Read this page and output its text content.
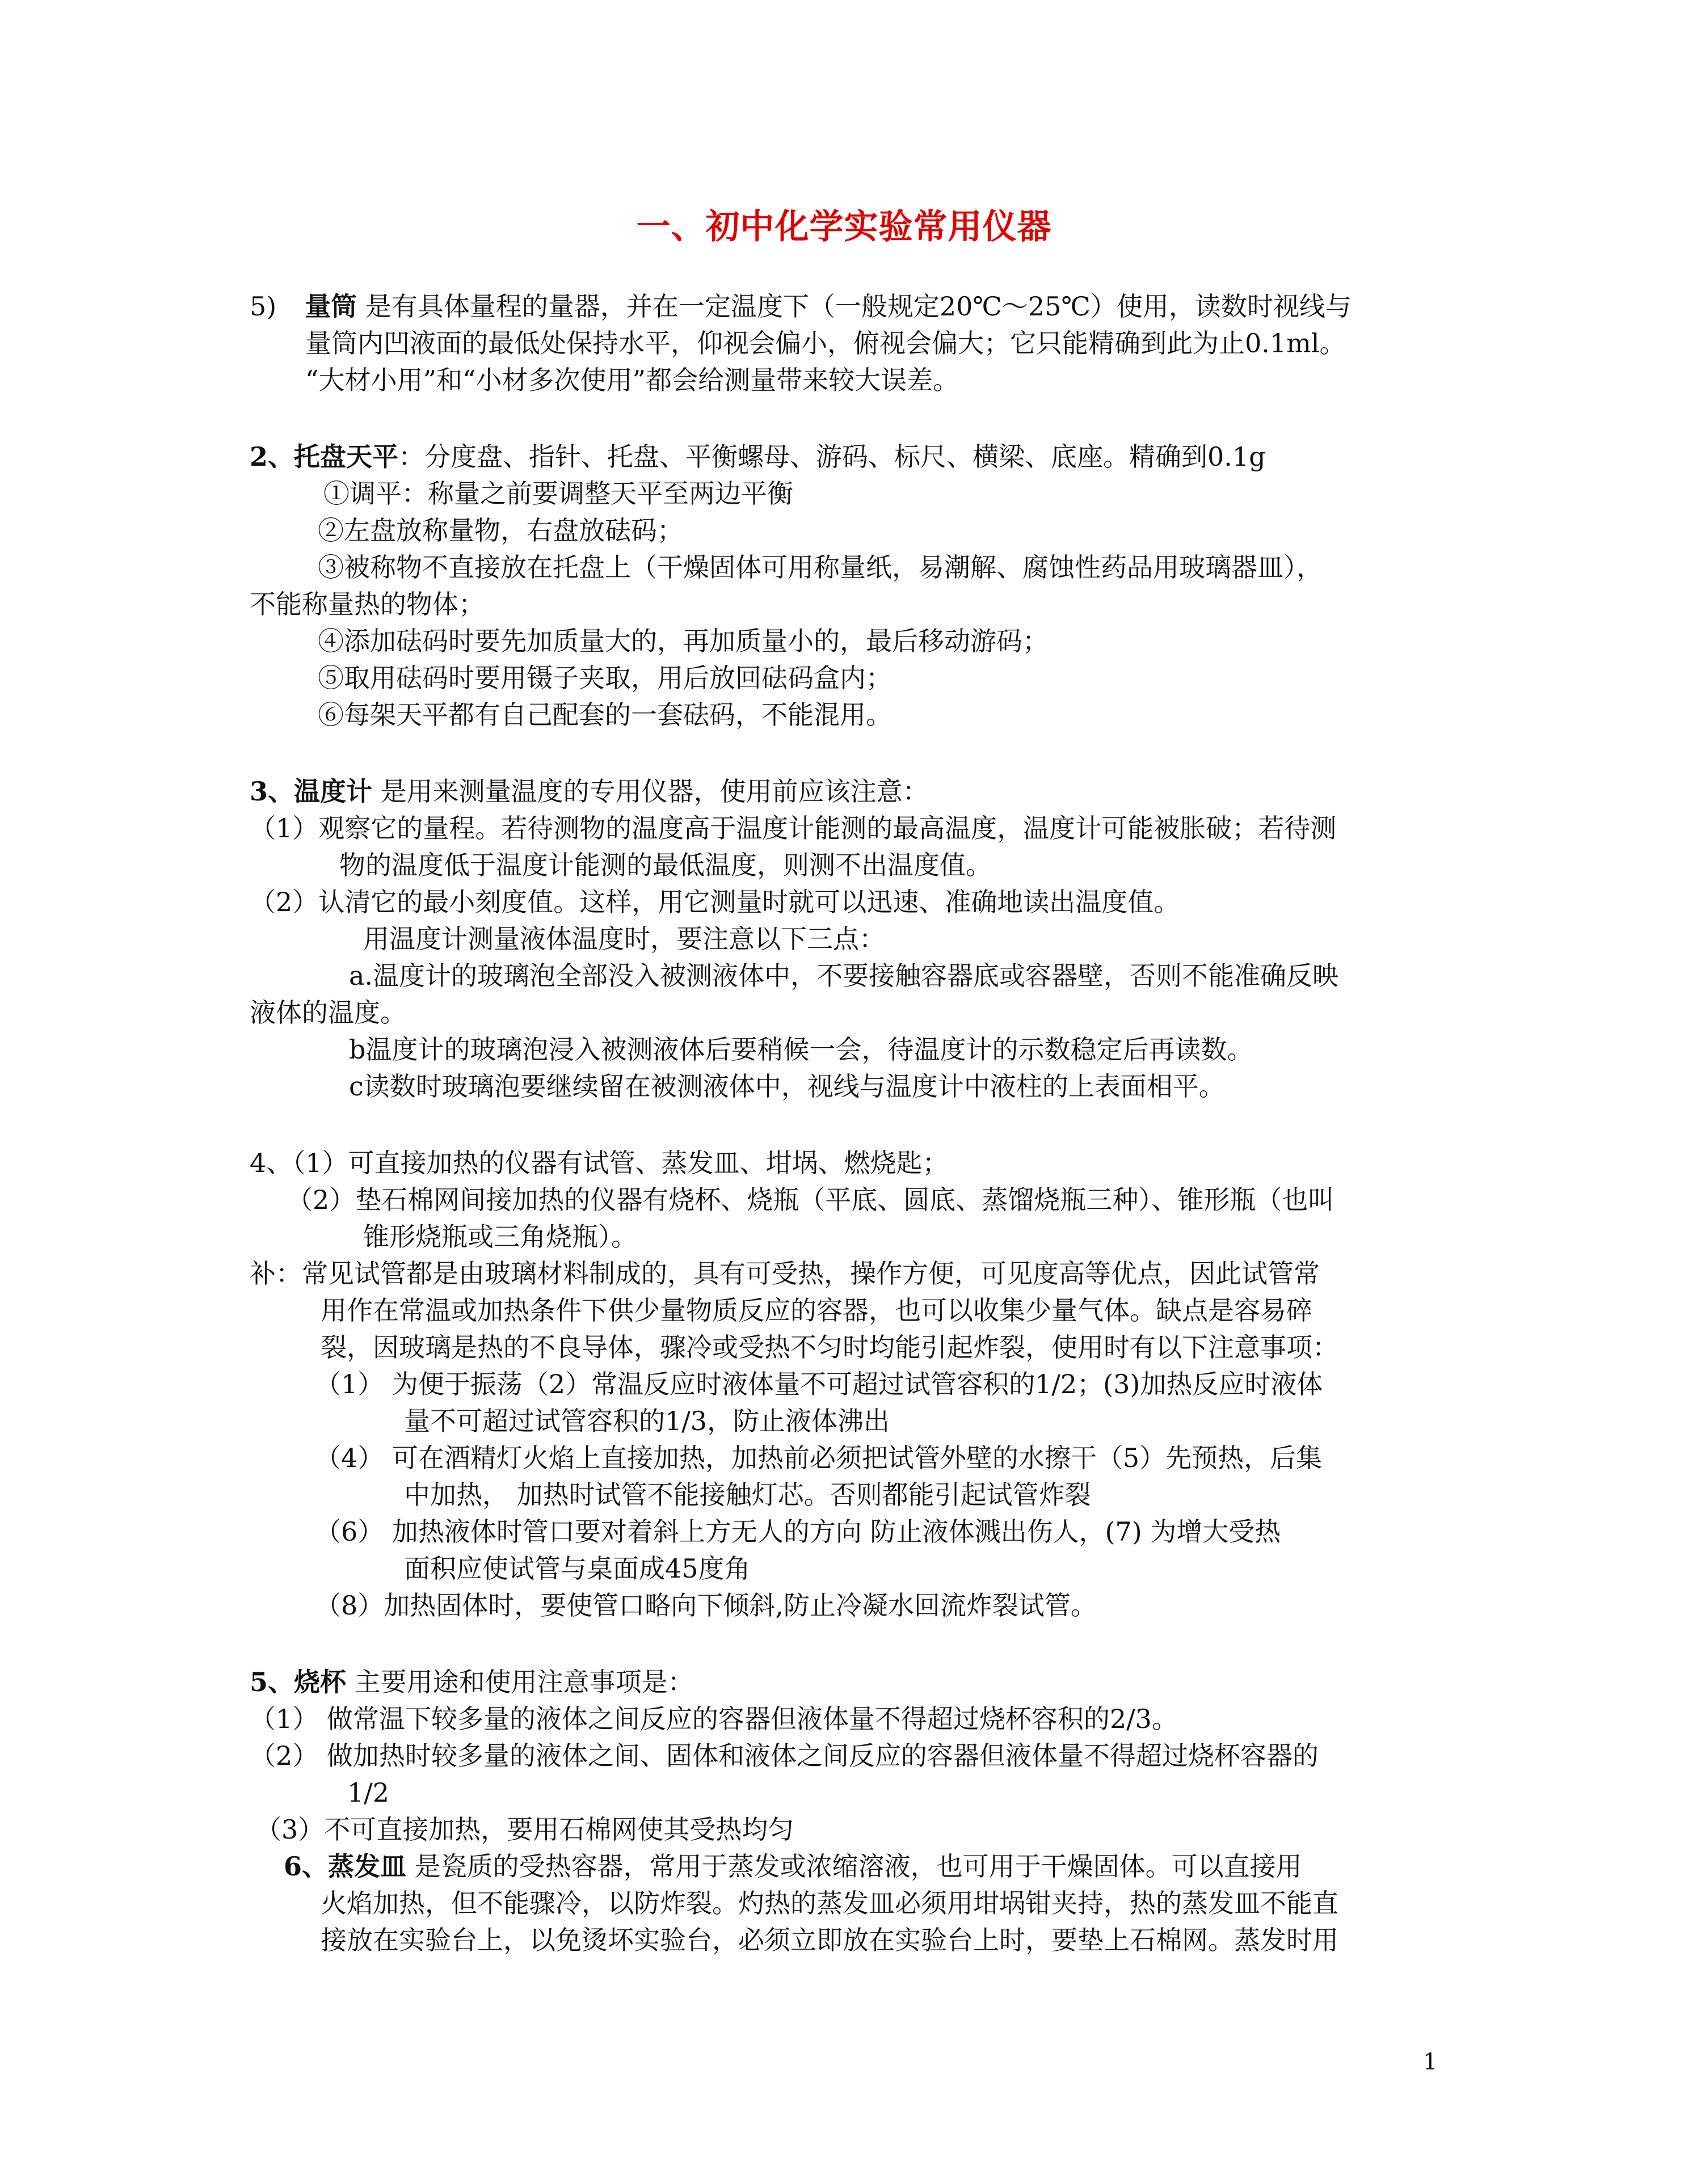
一、初中化学实验常用仪器
5) 量筒 是有具体量程的量器，并在一定温度下（一般规定20℃～25℃）使用，读数时视线与
量筒内凹液面的最低处保持水平，仰视会偏小，俯视会偏大；它只能精确到此为止0.1ml。
“大材小用”和“小材多次使用”都会给测量带来较大误差。
2、托盘天平：分度盘、指针、托盘、平衡螺母、游码、标尺、横梁、底座。精确到0.1g
①调平：称量之前要调整天平至两边平衡
②左盘放称量物，右盘放砝码；
③被称物不直接放在托盘上（干燥固体可用称量纸，易潮解、腐蚀性药品用玻璃器皿），
不能称量热的物体；
④添加砝码时要先加质量大的，再加质量小的，最后移动游码；
⑤取用砝码时要用镊子夹取，用后放回砝码盒内；
⑥每架天平都有自己配套的一套砝码，不能混用。
3、温度计 是用来测量温度的专用仪器，使用前应该注意：
（1）观察它的量程。若待测物的温度高于温度计能测的最高温度，温度计可能被胀破；若待测
物的温度低于温度计能测的最低温度，则测不出温度值。
（2）认清它的最小刻度值。这样，用它测量时就可以迅速、准确地读出温度值。
用温度计测量液体温度时，要注意以下三点：
a.温度计的玻璃泡全部没入被测液体中，不要接触容器底或容器壁，否则不能准确反映
液体的温度。
b温度计的玻璃泡浸入被测液体后要稍候一会，待温度计的示数稳定后再读数。
c读数时玻璃泡要继续留在被测液体中，视线与温度计中液柱的上表面相平。
4、（1）可直接加热的仪器有试管、蒸发皿、坩埚、燃烧匙；
（2）垫石棉网间接加热的仪器有烧杯、烧瓶（平底、圆底、蒸馏烧瓶三种）、锥形瓶（也叫
锥形烧瓶或三角烧瓶）。
补：常见试管都是由玻璃材料制成的，具有可受热，操作方便，可见度高等优点，因此试管常
用作在常温或加热条件下供少量物质反应的容器，也可以收集少量气体。缺点是容易碎
裂，因玻璃是热的不良导体，骤冷或受热不匀时均能引起炸裂，使用时有以下注意事项：
（1） 为便于振荡（2）常温反应时液体量不可超过试管容积的1/2；(3)加热反应时液体
量不可超过试管容积的1/3，防止液体沸出
（4） 可在酒精灯火焰上直接加热，加热前必须把试管外壁的水擦干（5）先预热，后集
中加热， 加热时试管不能接触灯芯。否则都能引起试管炸裂
（6） 加热液体时管口要对着斜上方无人的方向 防止液体溅出伤人，(7) 为增大受热
面积应使试管与桌面成45度角
（8）加热固体时，要使管口略向下倾斜,防止冷凝水回流炸裂试管。
5、烧杯 主要用途和使用注意事项是：
（1） 做常温下较多量的液体之间反应的容器但液体量不得超过烧杯容积的2/3。
（2） 做加热时较多量的液体之间、固体和液体之间反应的容器但液体量不得超过烧杯容器的
1/2
（3）不可直接加热，要用石棉网使其受热均匀
6、蒸发皿 是瓷质的受热容器，常用于蒸发或浓缩溶液，也可用于干燥固体。可以直接用
火焰加热，但不能骤冷，以防炸裂。灼热的蒸发皿必须用坩埚钳夹持，热的蒸发皿不能直
接放在实验台上，以免烫坏实验台，必须立即放在实验台上时，要垫上石棉网。蒸发时用
1
